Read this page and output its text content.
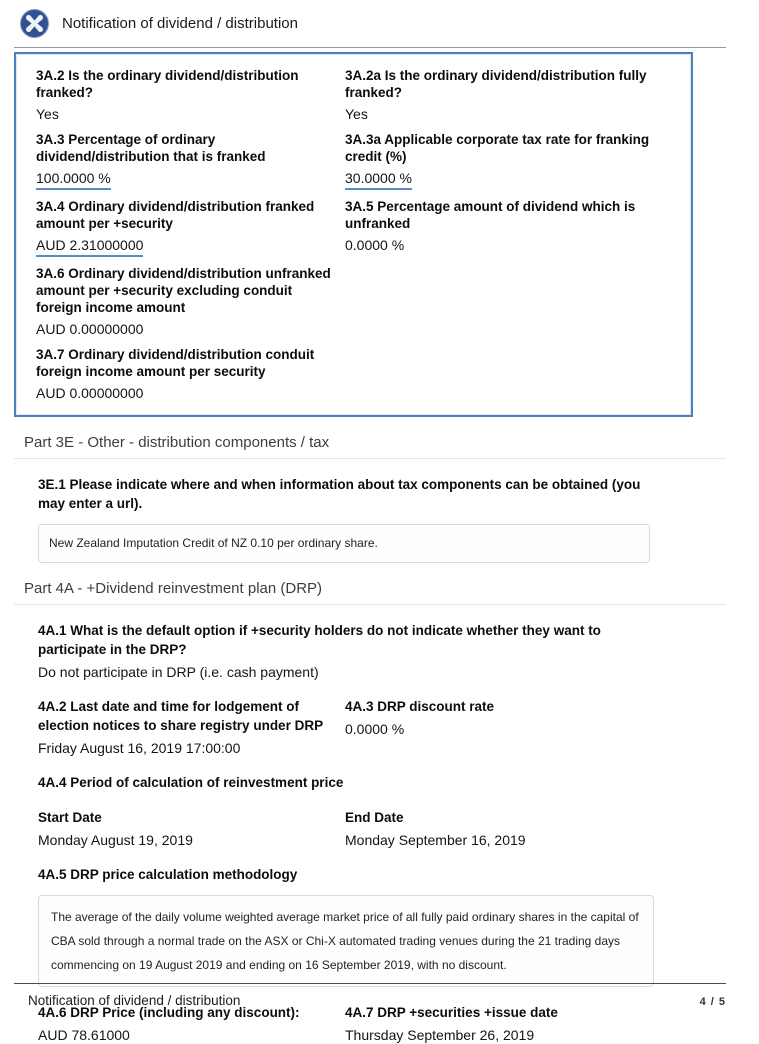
Notification of dividend / distribution
3A.2 Is the ordinary dividend/distribution franked?
Yes
3A.2a Is the ordinary dividend/distribution fully franked?
Yes
3A.3 Percentage of ordinary dividend/distribution that is franked
100.0000 %
3A.3a Applicable corporate tax rate for franking credit (%)
30.0000 %
3A.4 Ordinary dividend/distribution franked amount per +security
AUD 2.31000000
3A.5 Percentage amount of dividend which is unfranked
0.0000 %
3A.6 Ordinary dividend/distribution unfranked amount per +security excluding conduit foreign income amount
AUD 0.00000000
3A.7 Ordinary dividend/distribution conduit foreign income amount per security
AUD 0.00000000
Part 3E - Other - distribution components / tax
3E.1 Please indicate where and when information about tax components can be obtained (you may enter a url).
New Zealand Imputation Credit of NZ 0.10 per ordinary share.
Part 4A - +Dividend reinvestment plan (DRP)
4A.1 What is the default option if +security holders do not indicate whether they want to participate in the DRP?
Do not participate in DRP (i.e. cash payment)
4A.2 Last date and time for lodgement of election notices to share registry under DRP
Friday August 16, 2019 17:00:00
4A.3 DRP discount rate
0.0000 %
4A.4 Period of calculation of reinvestment price
Start Date
Monday August 19, 2019
End Date
Monday September 16, 2019
4A.5 DRP price calculation methodology
The average of the daily volume weighted average market price of all fully paid ordinary shares in the capital of CBA sold through a normal trade on the ASX or Chi-X automated trading venues during the 21 trading days commencing on 19 August 2019 and ending on 16 September 2019, with no discount.
4A.6 DRP Price (including any discount):
AUD 78.61000
4A.7 DRP +securities +issue date
Thursday September 26, 2019
Notification of dividend / distribution	4 / 5
